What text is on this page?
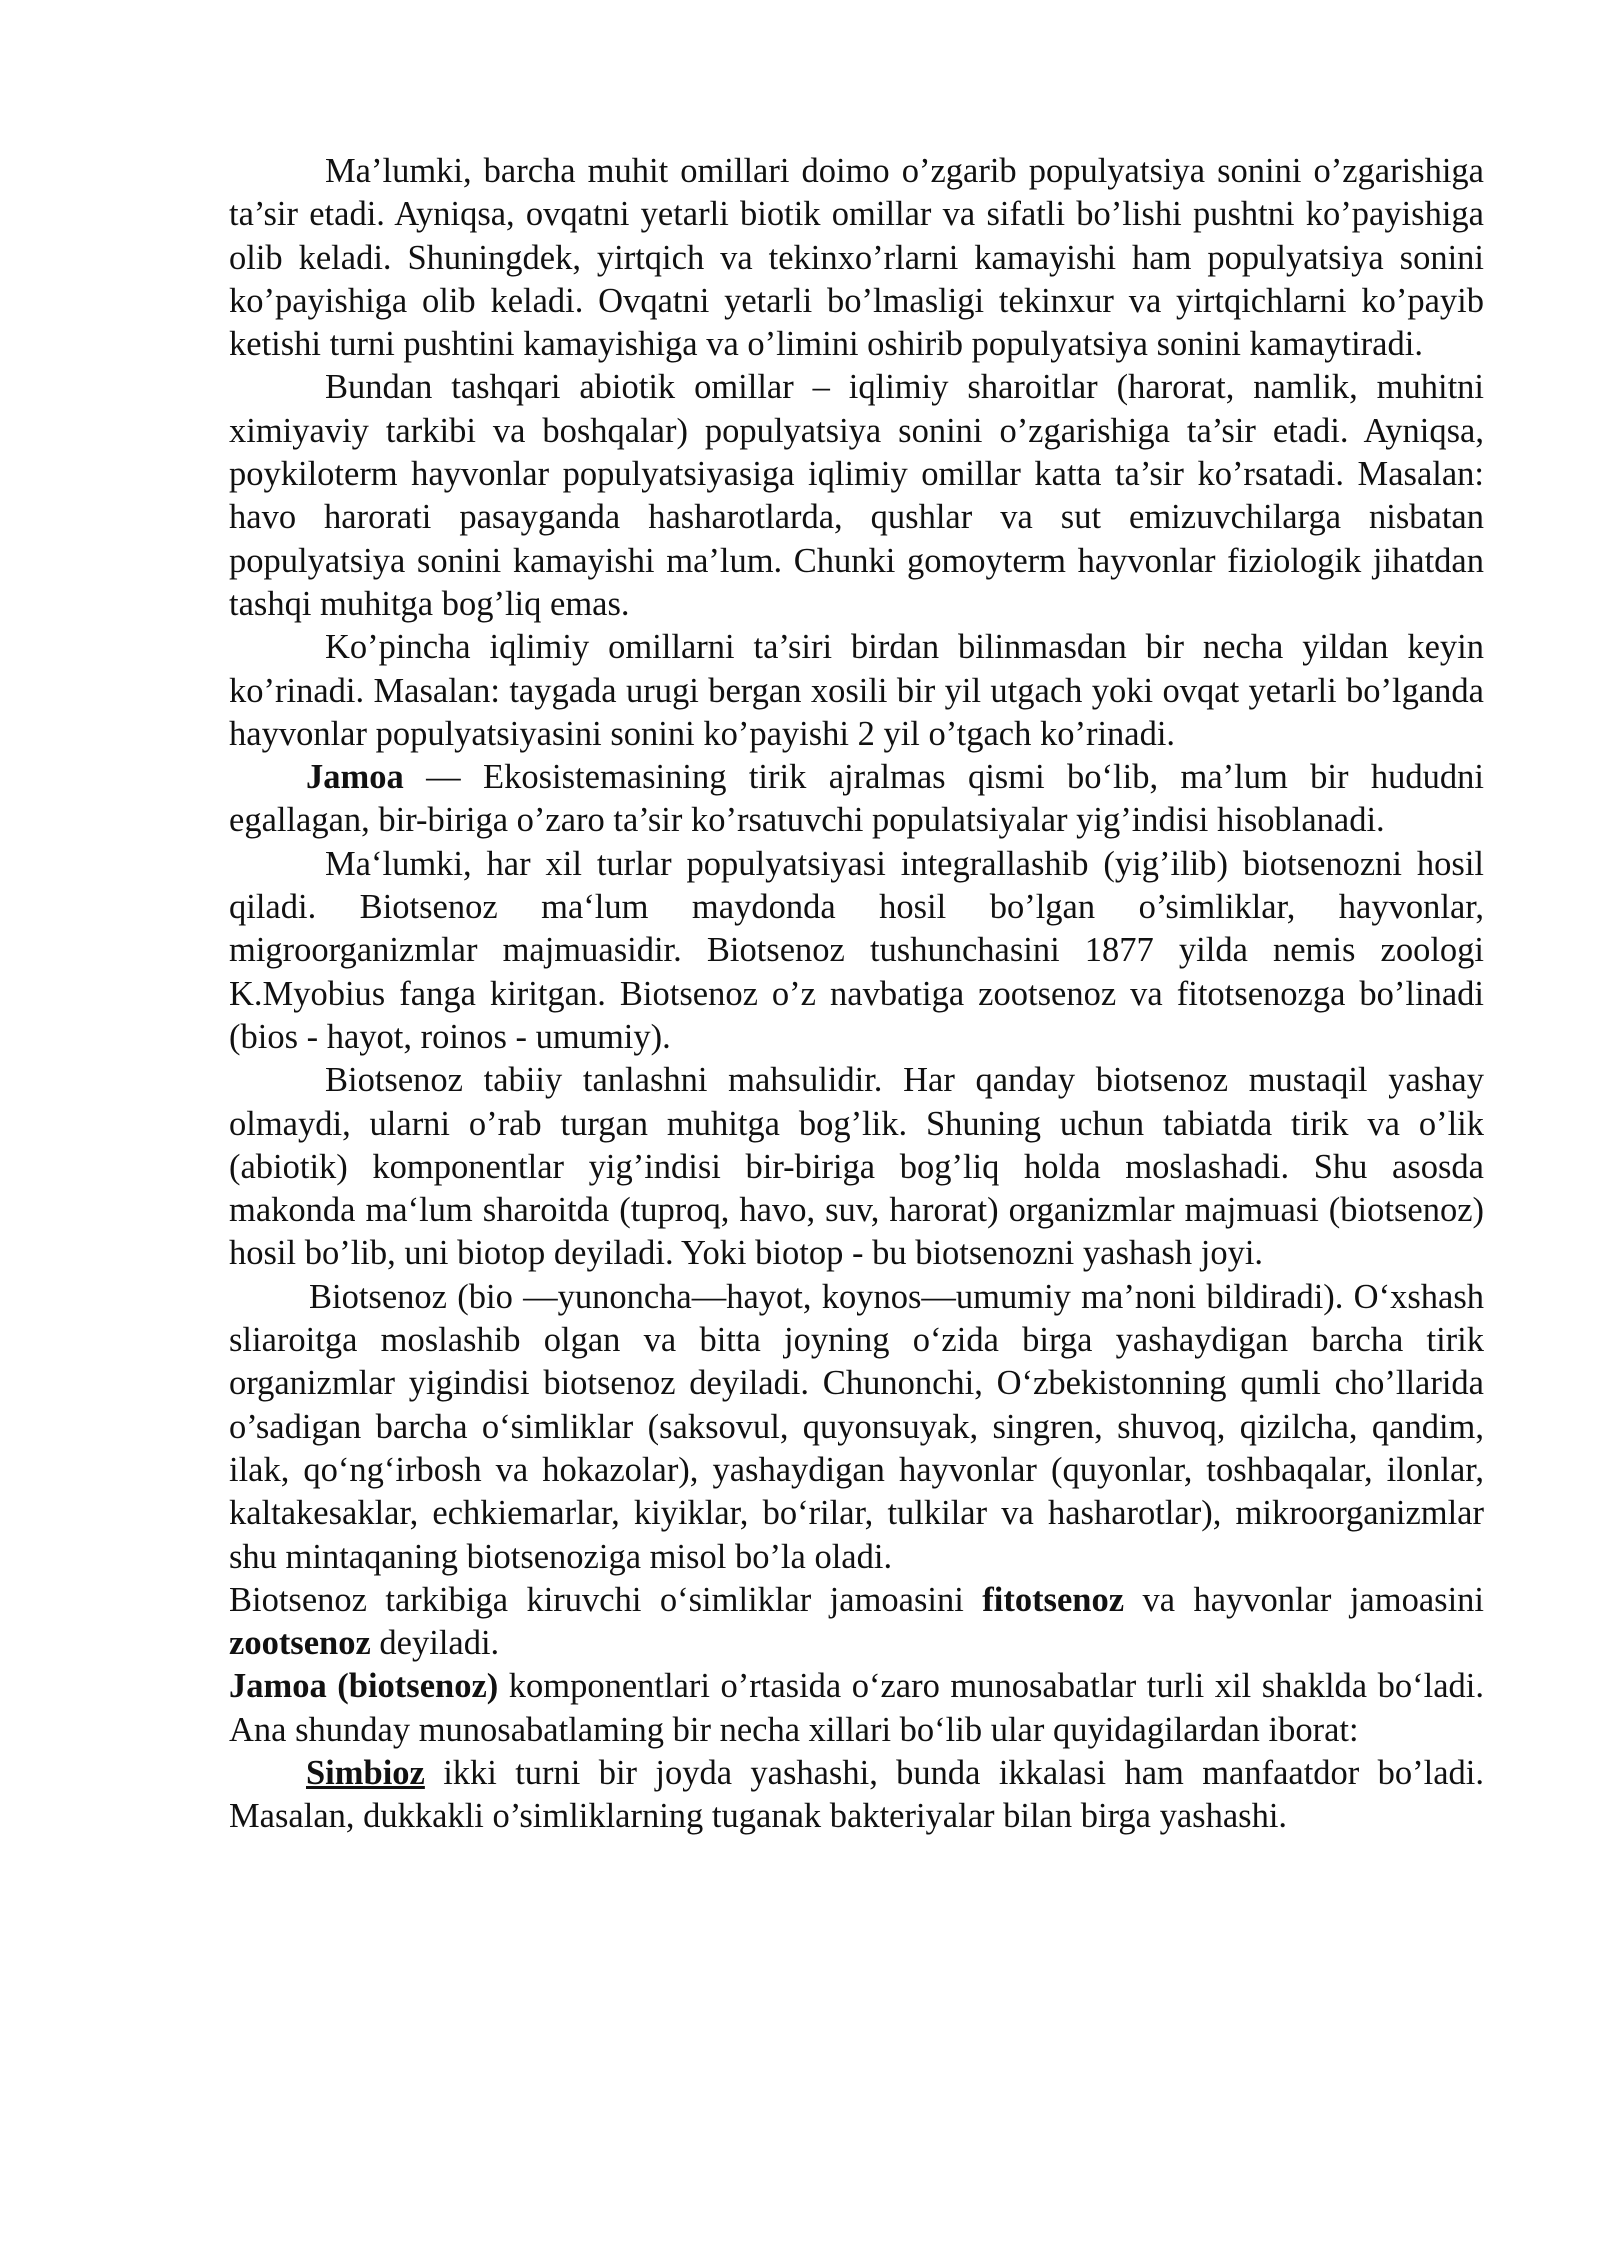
Ma’lumki, barcha muhit omillari doimo o’zgarib populyatsiya sonini o’zgarishiga ta’sir etadi. Ayniqsa, ovqatni yetarli biotik omillar va sifatli bo’lishi pushtni ko’payishiga olib keladi. Shuningdek, yirtqich va tekinxo’rlarni kamayishi ham populyatsiya sonini ko’payishiga olib keladi. Ovqatni yetarli bo’lmasligi tekinxur va yirtqichlarni ko’payib ketishi turni pushtini kamayishiga va o’limini oshirib populyatsiya sonini kamaytiradi.

Bundan tashqari abiotik omillar – iqlimiy sharoitlar (harorat, namlik, muhitni ximiyaviy tarkibi va boshqalar) populyatsiya sonini o’zgarishiga ta’sir etadi. Ayniqsa, poykiloterm hayvonlar populyatsiyasiga iqlimiy omillar katta ta’sir ko’rsatadi. Masalan: havo harorati pasayganda hasharotlarda, qushlar va sut emizuvchilarga nisbatan populyatsiya sonini kamayishi ma’lum. Chunki gomoyterm hayvonlar fiziologik jihatdan tashqi muhitga bog’liq emas.

Ko’pincha iqlimiy omillarni ta’siri birdan bilinmasdan bir necha yildan keyin ko’rinadi. Masalan: taygada urugi bergan xosili bir yil utgach yoki ovqat yetarli bo’lganda hayvonlar populyatsiyasini sonini ko’payishi 2 yil o’tgach ko’rinadi.

Jamoa — Ekosistemasining tirik ajralmas qismi bo‘lib, ma’lum bir hududni egallagan, bir-biriga o’zaro ta’sir ko’rsatuvchi populatsiyalar yig’indisi hisoblanadi.

Ma‘lumki, har xil turlar populyatsiyasi integrallashib (yig’ilib) biotsenozni hosil qiladi. Biotsenoz ma‘lum maydonda hosil bo’lgan o’simliklar, hayvonlar, migroorganizmlar majmuasidir. Biotsenoz tushunchasini 1877 yilda nemis zoologi K.Myobius fanga kiritgan. Biotsenoz o’z navbatiga zootsenoz va fitotsenozga bo’linadi (bios - hayot, roinos - umumiy).

Biotsenoz tabiiy tanlashni mahsulidir. Har qanday biotsenoz mustaqil yashay olmaydi, ularni o’rab turgan muhitga bog’lik. Shuning uchun tabiatda tirik va o’lik (abiotik) komponentlar yig’indisi bir-biriga bog’liq holda moslashadi. Shu asosda makonda ma‘lum sharoitda (tuproq, havo, suv, harorat) organizmlar majmuasi (biotsenoz) hosil bo’lib, uni biotop deyiladi. Yoki biotop - bu biotsenozni yashash joyi.

Biotsenoz (bio —yunoncha—hayot, koynos—umumiy ma’noni bildiradi). O‘xshash sliaroitga moslashib olgan va bitta joyning o‘zida birga yashaydigan barcha tirik organizmlar yigindisi biotsenoz deyiladi. Chunonchi, O‘zbekistonning qumli cho’llarida o’sadigan barcha o‘simliklar (saksovul, quyonsuyak, singren, shuvoq, qizilcha, qandim, ilak, qo‘ng‘irbosh va hokazolar), yashaydigan hayvonlar (quyonlar, toshbaqalar, ilonlar, kaltakesaklar, echkiemarlar, kiyiklar, bo‘rilar, tulkilar va hasharotlar), mikroorganizmlar shu mintaqaning biotsenoziga misol bo’la oladi.

Biotsenoz tarkibiga kiruvchi o‘simliklar jamoasini fitotsenoz va hayvonlar jamoasini zootsenoz deyiladi.

Jamoa (biotsenoz) komponentlari o’rtasida o‘zaro munosabatlar turli xil shaklda bo‘ladi. Ana shunday munosabatlaming bir necha xillari bo‘lib ular quyidagilardan iborat:

Simbioz ikki turni bir joyda yashashi, bunda ikkalasi ham manfaatdor bo’ladi. Masalan, dukkakli o’simliklarning tuganak bakteriyalar bilan birga yashashi.
